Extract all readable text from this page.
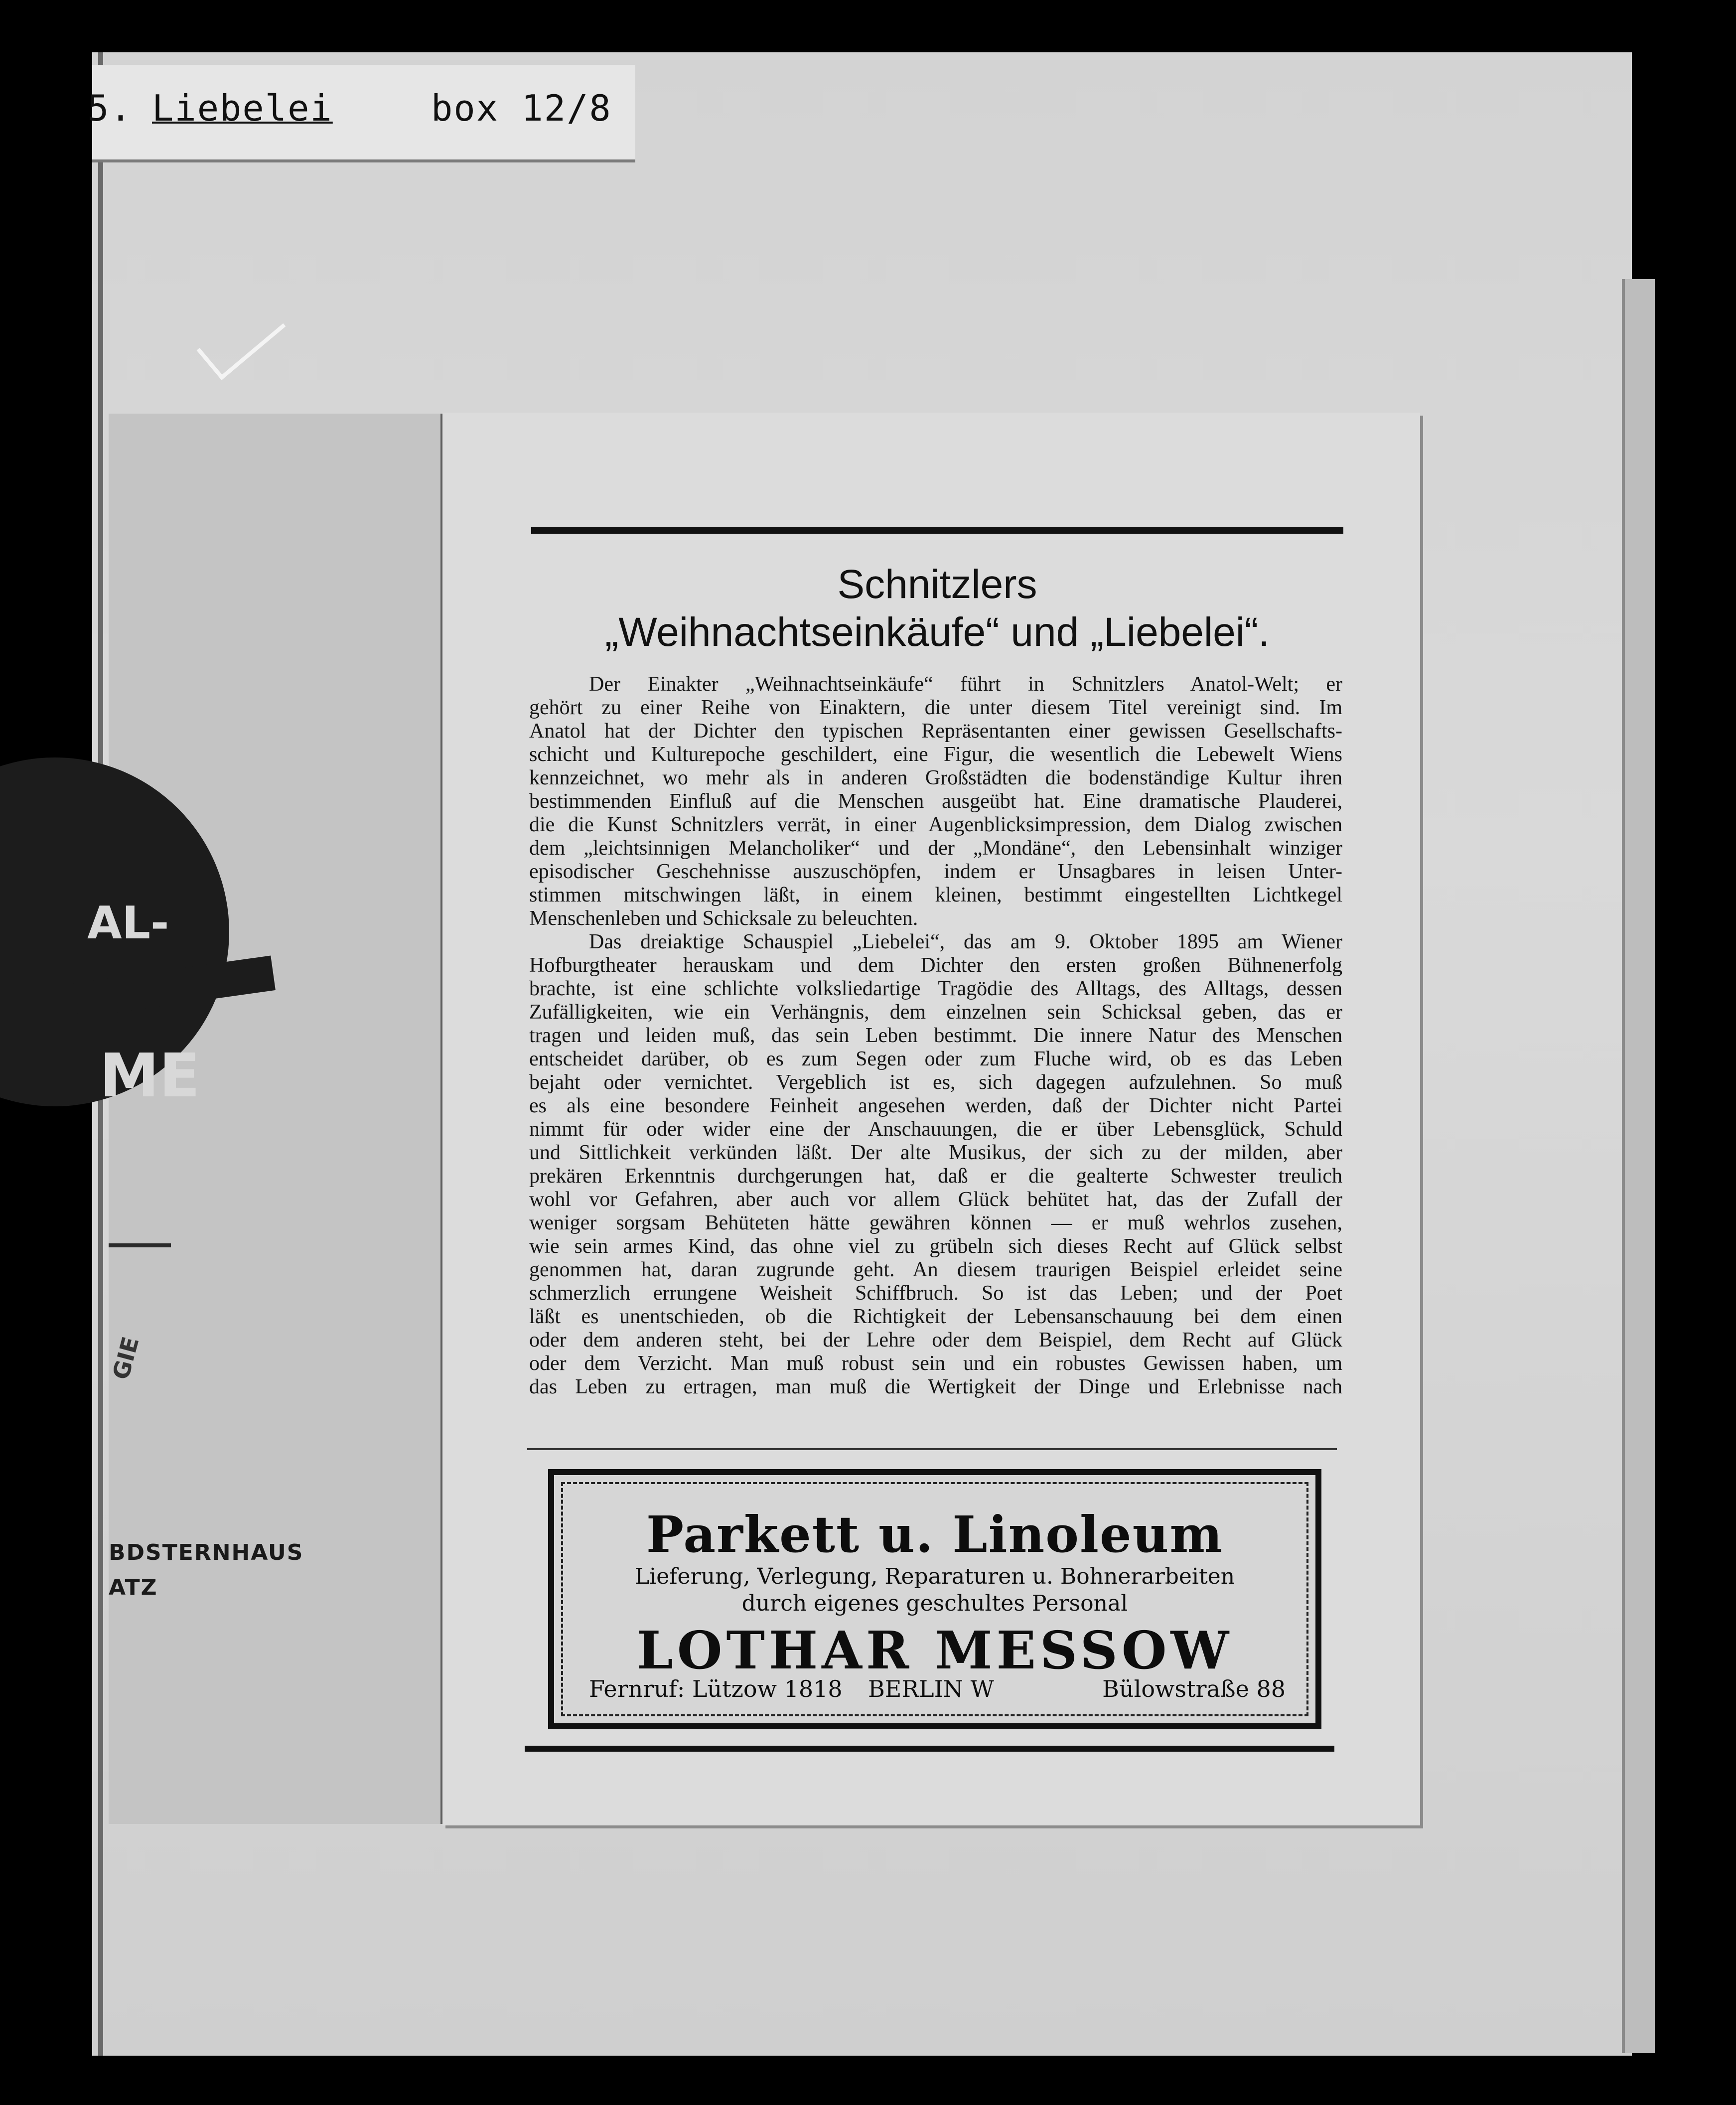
5. Liebelei	box 12/8
AL-
ME
GIE
BDSTERNHAUS
ATZ
Schnitzlers
„Weihnachtseinkäufe“ und „Liebelei“.
Der Einakter „Weihnachtseinkäufe“ führt in Schnitzlers Anatol-Welt; er
gehört zu einer Reihe von Einaktern, die unter diesem Titel vereinigt sind. Im
Anatol hat der Dichter den typischen Repräsentanten einer gewissen Gesellschafts-
schicht und Kulturepoche geschildert, eine Figur, die wesentlich die Lebewelt Wiens
kennzeichnet, wo mehr als in anderen Großstädten die bodenständige Kultur ihren
bestimmenden Einfluß auf die Menschen ausgeübt hat. Eine dramatische Plauderei,
die die Kunst Schnitzlers verrät, in einer Augenblicksimpression, dem Dialog zwischen
dem „leichtsinnigen Melancholiker“ und der „Mondäne“, den Lebensinhalt winziger
episodischer Geschehnisse auszuschöpfen, indem er Unsagbares in leisen Unter-
stimmen mitschwingen läßt, in einem kleinen, bestimmt eingestellten Lichtkegel
Menschenleben und Schicksale zu beleuchten.
Das dreiaktige Schauspiel „Liebelei“, das am 9. Oktober 1895 am Wiener
Hofburgtheater herauskam und dem Dichter den ersten großen Bühnenerfolg
brachte, ist eine schlichte volksliedartige Tragödie des Alltags, des Alltags, dessen
Zufälligkeiten, wie ein Verhängnis, dem einzelnen sein Schicksal geben, das er
tragen und leiden muß, das sein Leben bestimmt. Die innere Natur des Menschen
entscheidet darüber, ob es zum Segen oder zum Fluche wird, ob es das Leben
bejaht oder vernichtet. Vergeblich ist es, sich dagegen aufzulehnen. So muß
es als eine besondere Feinheit angesehen werden, daß der Dichter nicht Partei
nimmt für oder wider eine der Anschauungen, die er über Lebensglück, Schuld
und Sittlichkeit verkünden läßt. Der alte Musikus, der sich zu der milden, aber
prekären Erkenntnis durchgerungen hat, daß er die gealterte Schwester treulich
wohl vor Gefahren, aber auch vor allem Glück behütet hat, das der Zufall der
weniger sorgsam Behüteten hätte gewähren können — er muß wehrlos zusehen,
wie sein armes Kind, das ohne viel zu grübeln sich dieses Recht auf Glück selbst
genommen hat, daran zugrunde geht. An diesem traurigen Beispiel erleidet seine
schmerzlich errungene Weisheit Schiffbruch. So ist das Leben; und der Poet
läßt es unentschieden, ob die Richtigkeit der Lebensanschauung bei dem einen
oder dem anderen steht, bei der Lehre oder dem Beispiel, dem Recht auf Glück
oder dem Verzicht. Man muß robust sein und ein robustes Gewissen haben, um
das Leben zu ertragen, man muß die Wertigkeit der Dinge und Erlebnisse nach
Parkett u. Linoleum
Lieferung, Verlegung, Reparaturen u. Bohnerarbeiten
durch eigenes geschultes Personal
LOTHAR MESSOW
Fernruf: Lützow 1818 BERLIN W	Bülowstraße 88
